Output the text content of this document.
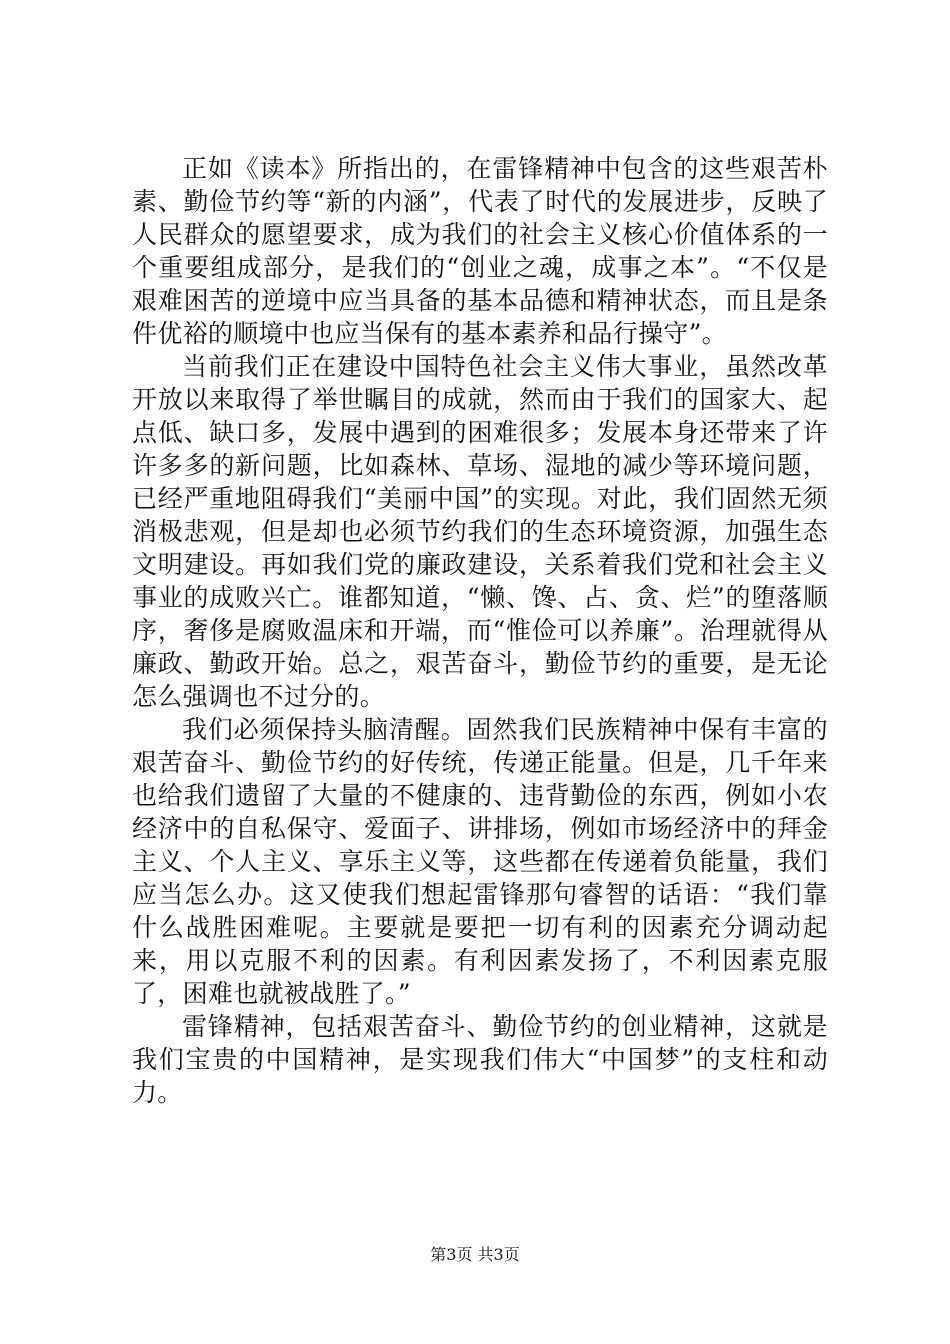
正如《读本》所指出的，在雷锋精神中包含的这些艰苦朴素、勤俭节约等“新的内涵”，代表了时代的发展进步，反映了人民群众的愿望要求，成为我们的社会主义核心价值体系的一个重要组成部分，是我们的“创业之魂，成事之本”。“不仅是艰难困苦的逆境中应当具备的基本品德和精神状态，而且是条件优裕的顺境中也应当保有的基本素养和品行操守”。

当前我们正在建设中国特色社会主义伟大事业，虽然改革开放以来取得了举世瞩目的成就，然而由于我们的国家大、起点低、缺口多，发展中遇到的困难很多；发展本身还带来了许许多多的新问题，比如森林、草场、湿地的减少等环境问题，已经严重地阻碍我们“美丽中国”的实现。对此，我们固然无须消极悲观，但是却也必须节约我们的生态环境资源，加强生态文明建设。再如我们党的廉政建设，关系着我们党和社会主义事业的成败兴亡。谁都知道，“懒、馋、占、贪、烂”的堕落顺序，奢侈是腐败温床和开端，而“惟俭可以养廉”。治理就得从廉政、勤政开始。总之，艰苦奋斗，勤俭节约的重要，是无论怎么强调也不过分的。

我们必须保持头脑清醒。固然我们民族精神中保有丰富的艰苦奋斗、勤俭节约的好传统，传递正能量。但是，几千年来也给我们遗留了大量的不健康的、违背勤俭的东西，例如小农经济中的自私保守、爱面子、讲排场，例如市场经济中的拜金主义、个人主义、享乐主义等，这些都在传递着负能量，我们应当怎么办。这又使我们想起雷锋那句睿智的话语：“我们靠什么战胜困难呢。主要就是要把一切有利的因素充分调动起来，用以克服不利的因素。有利因素发扬了，不利因素克服了，困难也就被战胜了。”

雷锋精神，包括艰苦奋斗、勤俭节约的创业精神，这就是我们宝贵的中国精神，是实现我们伟大“中国梦”的支柱和动力。

第3页 共3页
